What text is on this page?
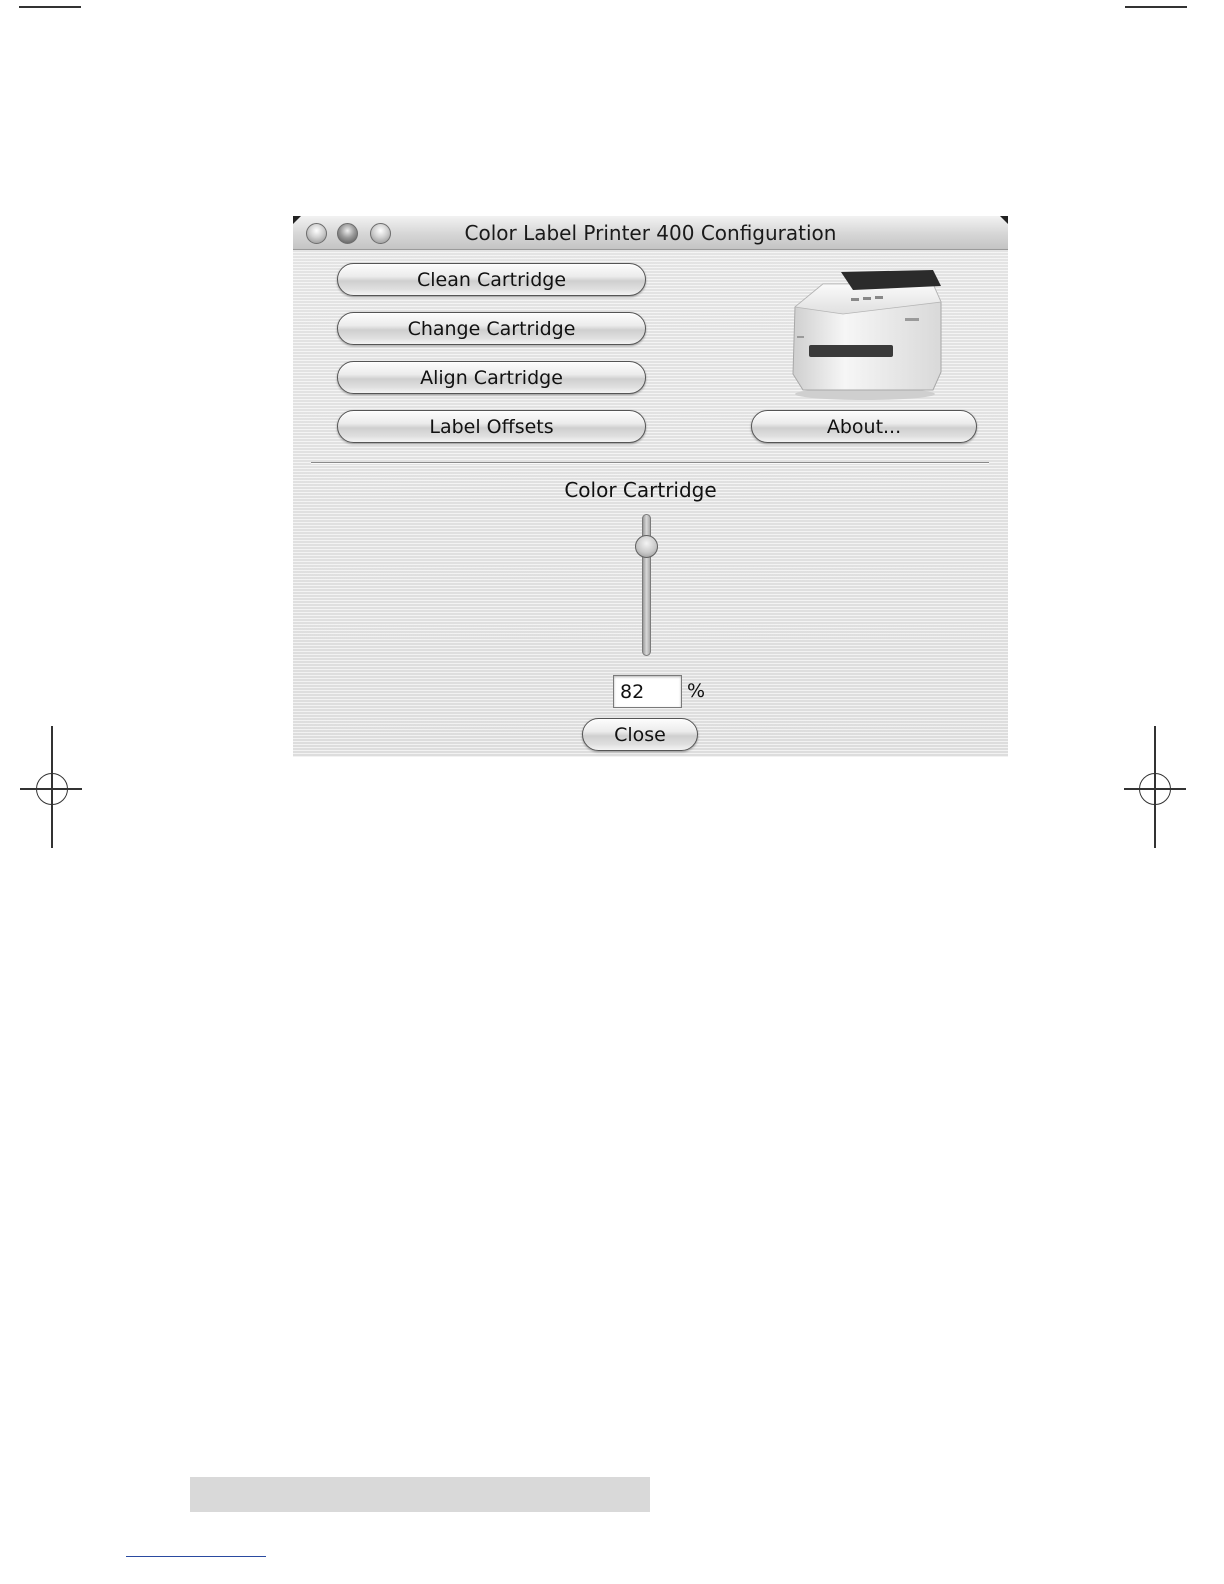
Color Label Printer 400 Configuration
Clean Cartridge
Change Cartridge
Align Cartridge
Label Offsets	About...
Color Cartridge
82
%
Close
